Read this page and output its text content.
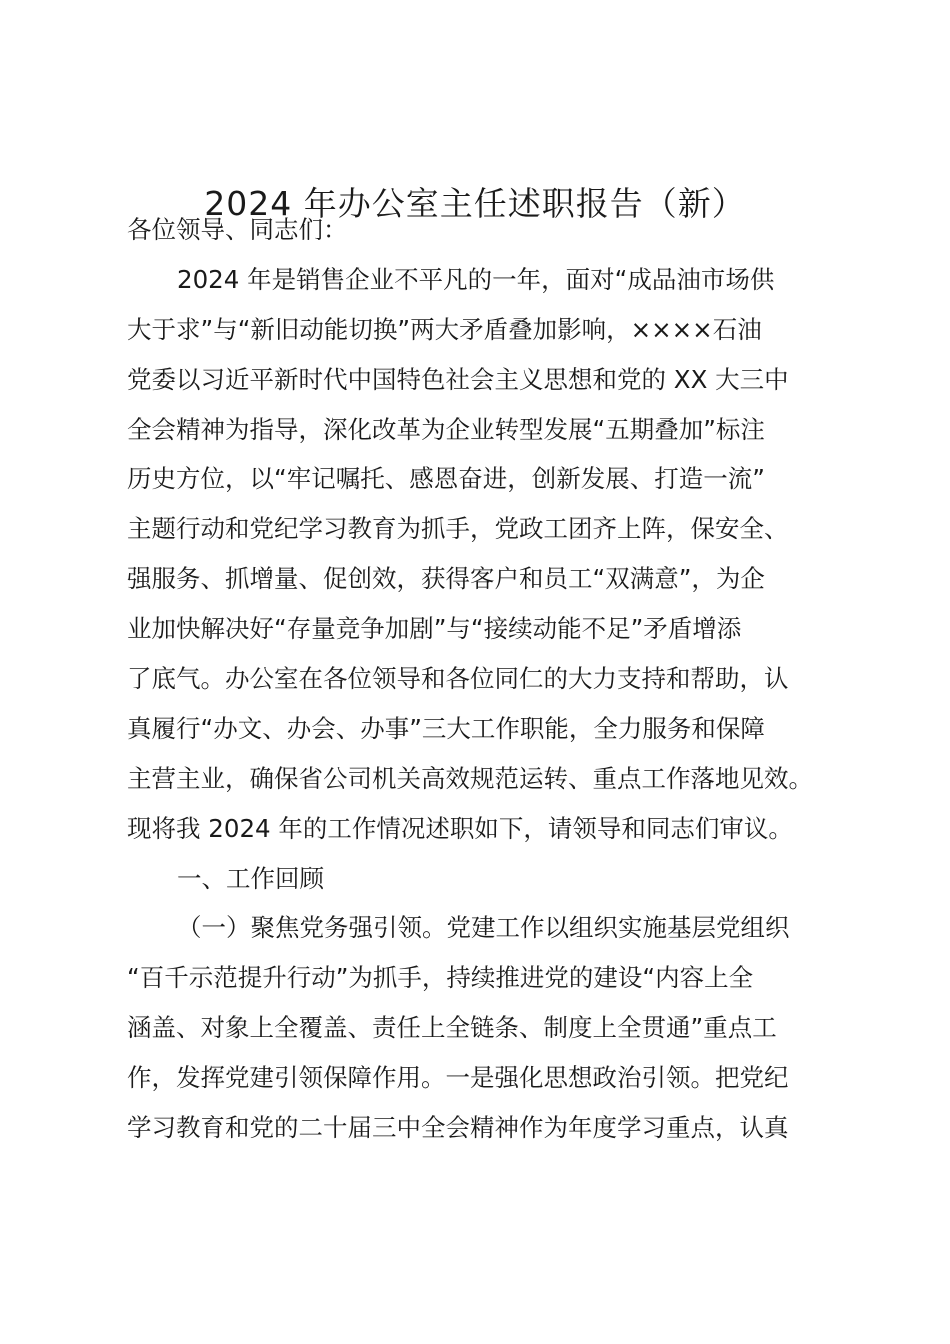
2024 年办公室主任述职报告（新）
各位领导、同志们：
2024 年是销售企业不平凡的一年，面对“成品油市场供
大于求”与“新旧动能切换”两大矛盾叠加影响，××××石油
党委以习近平新时代中国特色社会主义思想和党的 XX 大三中
全会精神为指导，深化改革为企业转型发展“五期叠加”标注
历史方位，以“牢记嘱托、感恩奋进，创新发展、打造一流”
主题行动和党纪学习教育为抓手，党政工团齐上阵，保安全、
强服务、抓增量、促创效，获得客户和员工“双满意”，为企
业加快解决好“存量竞争加剧”与“接续动能不足”矛盾增添
了底气。办公室在各位领导和各位同仁的大力支持和帮助，认
真履行“办文、办会、办事”三大工作职能，全力服务和保障
主营主业，确保省公司机关高效规范运转、重点工作落地见效。
现将我 2024 年的工作情况述职如下，请领导和同志们审议。
一、工作回顾
（一）聚焦党务强引领。党建工作以组织实施基层党组织
“百千示范提升行动”为抓手，持续推进党的建设“内容上全
涵盖、对象上全覆盖、责任上全链条、制度上全贯通”重点工
作，发挥党建引领保障作用。一是强化思想政治引领。把党纪
学习教育和党的二十届三中全会精神作为年度学习重点，认真
